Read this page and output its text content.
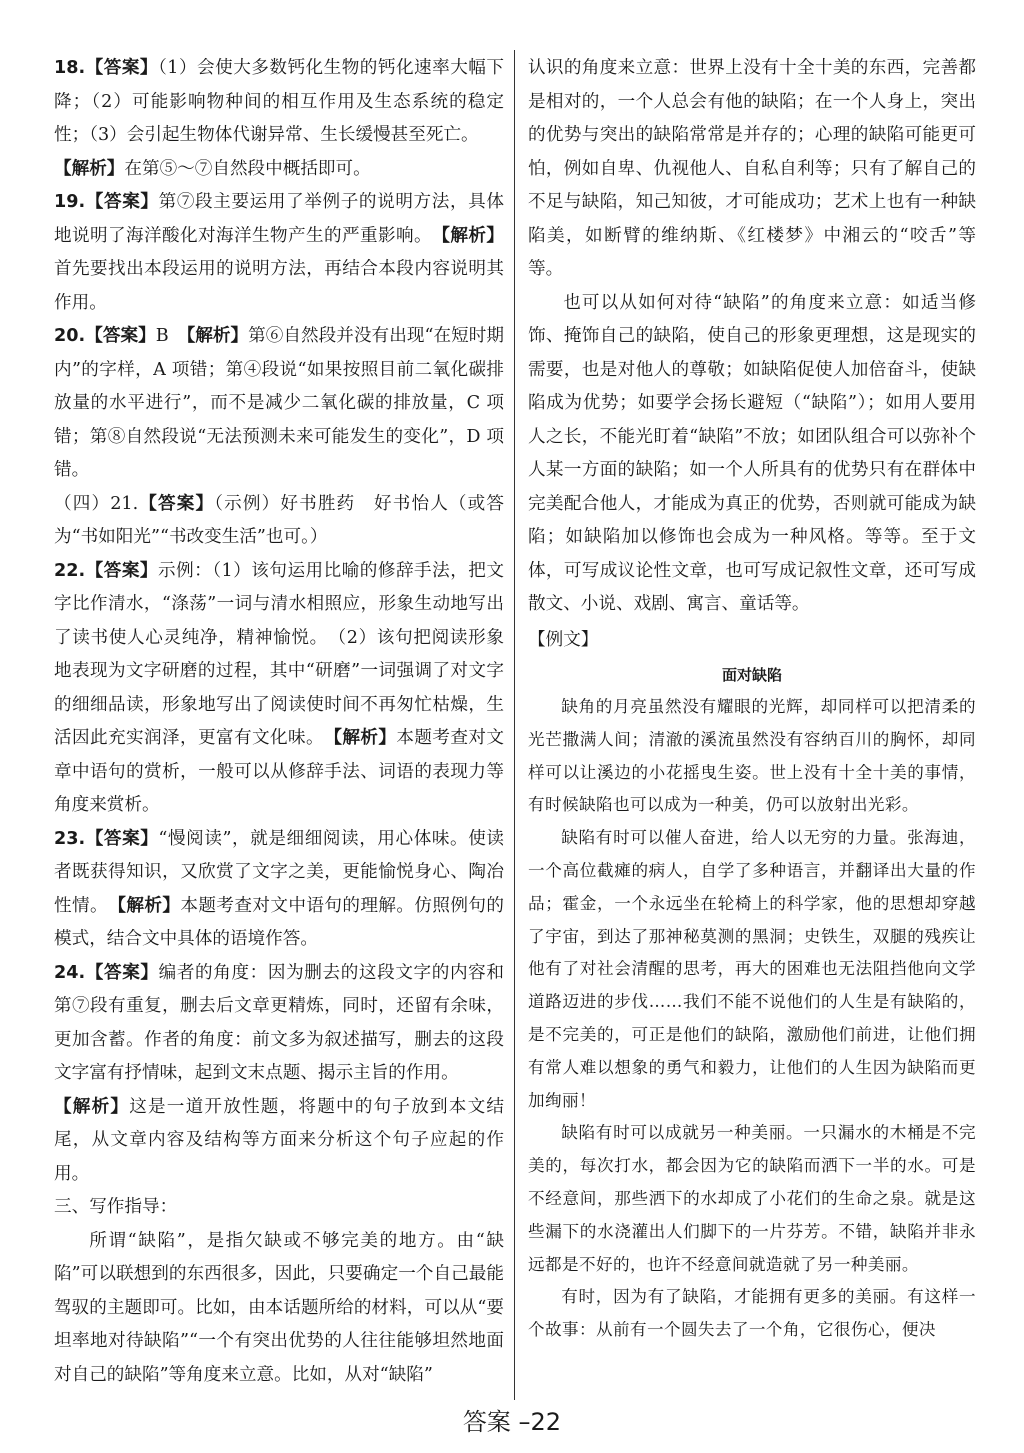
18.【答案】（1）会使大多数钙化生物的钙化速率大幅下降；（2）可能影响物种间的相互作用及生态系统的稳定性；（3）会引起生物体代谢异常、生长缓慢甚至死亡。

【解析】在第⑤～⑦自然段中概括即可。

19.【答案】第⑦段主要运用了举例子的说明方法，具体地说明了海洋酸化对海洋生物产生的严重影响。　 【解析】首先要找出本段运用的说明方法，再结合本段内容说明其作用。

20.【答案】B　 【解析】第⑥自然段并没有出现“在短时期内”的字样，A 项错；第④段说“如果按照目前二氧化碳排放量的水平进行”，而不是减少二氧化碳的排放量，C 项错；第⑧自然段说“无法预测未来可能发生的变化”，D 项错。

（四）21.【答案】（示例）好书胜药　好书怡人（或答为“书如阳光”“书改变生活”也可。）

22.【答案】示例：（1）该句运用比喻的修辞手法，把文字比作清水，“涤荡”一词与清水相照应，形象生动地写出了读书使人心灵纯净，精神愉悦。　（2）该句把阅读形象地表现为文字研磨的过程，其中“研磨”一词强调了对文字的细细品读，形象地写出了阅读使时间不再匆忙枯燥，生活因此充实润泽，更富有文化味。　 【解析】本题考查对文章中语句的赏析，一般可以从修辞手法、词语的表现力等角度来赏析。

23.【答案】“慢阅读”，就是细细阅读，用心体味。使读者既获得知识，又欣赏了文字之美，更能愉悦身心、陶冶性情。　 【解析】本题考查对文中语句的理解。仿照例句的模式，结合文中具体的语境作答。

24.【答案】编者的角度：因为删去的这段文字的内容和第⑦段有重复，删去后文章更精炼，同时，还留有余味，更加含蓄。作者的角度：前文多为叙述描写，删去的这段文字富有抒情味，起到文末点题、揭示主旨的作用。

【解析】这是一道开放性题，将题中的句子放到本文结尾，从文章内容及结构等方面来分析这个句子应起的作用。

三、写作指导：

所谓“缺陷”，是指欠缺或不够完美的地方。由“缺陷”可以联想到的东西很多，因此，只要确定一个自己最能驾驭的主题即可。比如，由本话题所给的材料，可以从“要坦率地对待缺陷”“一个有突出优势的人往往能够坦然地面对自己的缺陷”等角度来立意。比如，从对“缺陷”

认识的角度来立意：世界上没有十全十美的东西，完善都是相对的，一个人总会有他的缺陷；在一个人身上，突出的优势与突出的缺陷常常是并存的；心理的缺陷可能更可怕，例如自卑、仇视他人、自私自利等；只有了解自己的不足与缺陷，知己知彼，才可能成功；艺术上也有一种缺陷美，如断臂的维纳斯、《红楼梦》中湘云的“咬舌”等等。

也可以从如何对待“缺陷”的角度来立意：如适当修饰、掩饰自己的缺陷，使自己的形象更理想，这是现实的需要，也是对他人的尊敬；如缺陷促使人加倍奋斗，使缺陷成为优势；如要学会扬长避短（“缺陷”）；如用人要用人之长，不能光盯着“缺陷”不放；如团队组合可以弥补个人某一方面的缺陷；如一个人所具有的优势只有在群体中完美配合他人，才能成为真正的优势，否则就可能成为缺陷；如缺陷加以修饰也会成为一种风格。等等。至于文体，可写成议论性文章，也可写成记叙性文章，还可写成散文、小说、戏剧、寓言、童话等。

【例文】

面对缺陷

缺角的月亮虽然没有耀眼的光辉，却同样可以把清柔的光芒撒满人间；清澈的溪流虽然没有容纳百川的胸怀，却同样可以让溪边的小花摇曳生姿。世上没有十全十美的事情，有时候缺陷也可以成为一种美，仍可以放射出光彩。

缺陷有时可以催人奋进，给人以无穷的力量。张海迪，一个高位截瘫的病人，自学了多种语言，并翻译出大量的作品；霍金，一个永远坐在轮椅上的科学家，他的思想却穿越了宇宙，到达了那神秘莫测的黑洞；史铁生，双腿的残疾让他有了对社会清醒的思考，再大的困难也无法阻挡他向文学道路迈进的步伐……我们不能不说他们的人生是有缺陷的，是不完美的，可正是他们的缺陷，激励他们前进，让他们拥有常人难以想象的勇气和毅力，让他们的人生因为缺陷而更加绚丽！

缺陷有时可以成就另一种美丽。一只漏水的木桶是不完美的，每次打水，都会因为它的缺陷而洒下一半的水。可是不经意间，那些洒下的水却成了小花们的生命之泉。就是这些漏下的水浇灌出人们脚下的一片芬芳。不错，缺陷并非永远都是不好的，也许不经意间就造就了另一种美丽。

有时，因为有了缺陷，才能拥有更多的美丽。有这样一个故事：从前有一个圆失去了一个角，它很伤心，便决

答案 –22
